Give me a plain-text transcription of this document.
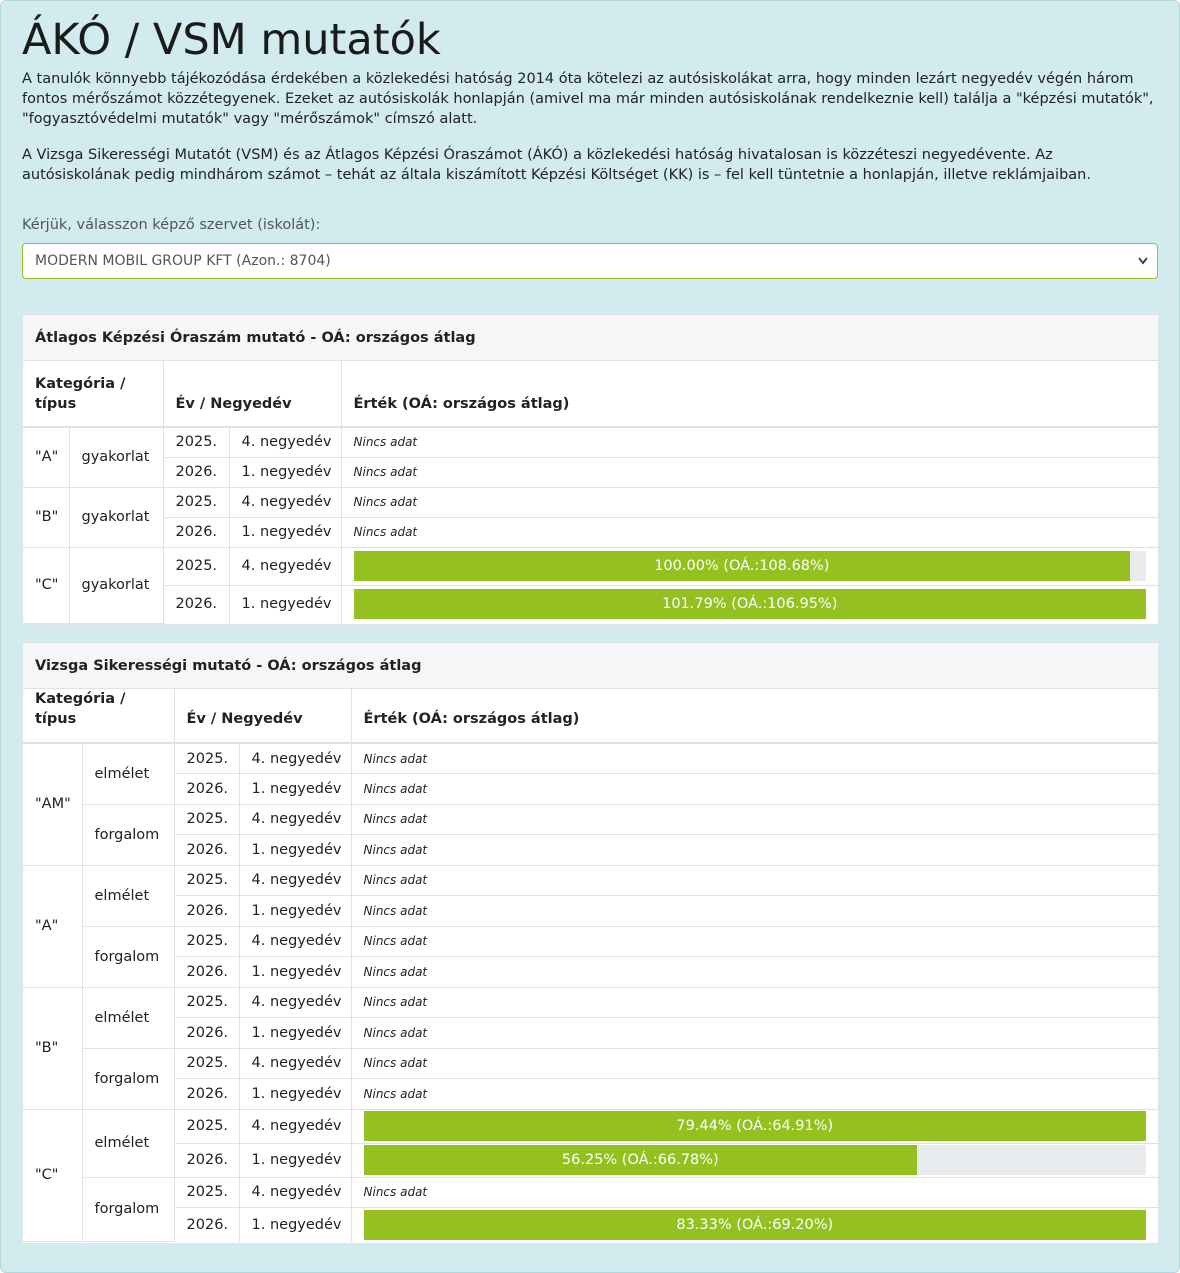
ÁKÓ / VSM mutatók

A tanulók könnyebb tájékozódása érdekében a közlekedési hatóság 2014 óta kötelezi az autósiskolákat arra, hogy minden lezárt negyedév végén három fontos mérőszámot közzétegyenek. Ezeket az autósiskolák honlapján (amivel ma már minden autósiskolának rendelkeznie kell) találja a "képzési mutatók", "fogyasztóvédelmi mutatók" vagy "mérőszámok" címszó alatt.

A Vizsga Sikerességi Mutatót (VSM) és az Átlagos Képzési Óraszámot (ÁKÓ) a közlekedési hatóság hivatalosan is közzéteszi negyedévente. Az autósiskolának pedig mindhárom számot – tehát az általa kiszámított Képzési Költséget (KK) is – fel kell tüntetnie a honlapján, illetve reklámjaiban.

Kérjük, válasszon képző szervet (iskolát):
MODERN MOBIL GROUP KFT (Azon.: 8704)
Átlagos Képzési Óraszám mutató - OÁ: országos átlag
Kategória / típus		Év / Negyedév		Érték (OÁ: országos átlag)
"A"	gyakorlat	2025.	4. negyedév	Nincs adat
		2026.	1. negyedév	Nincs adat
"B"	gyakorlat	2025.	4. negyedév	Nincs adat
		2026.	1. negyedév	Nincs adat
"C"	gyakorlat	2025.	4. negyedév	100.00% (OÁ.:108.68%)

		2026.	1. negyedév	101.79% (OÁ.:106.95%)
Vizsga Sikerességi mutató - OÁ: országos átlag
Kategória / típus		Év / Negyedév		Érték (OÁ: országos átlag)
"AM"	elmélet	2025.	4. negyedév	Nincs adat
		2026.	1. negyedév	Nincs adat
	forgalom	2025.	4. negyedév	Nincs adat
		2026.	1. negyedév	Nincs adat
"A"	elmélet	2025.	4. negyedév	Nincs adat
		2026.	1. negyedév	Nincs adat
	forgalom	2025.	4. negyedév	Nincs adat
		2026.	1. negyedév	Nincs adat
"B"	elmélet	2025.	4. negyedév	Nincs adat
		2026.	1. negyedév	Nincs adat
	forgalom	2025.	4. negyedév	Nincs adat
		2026.	1. negyedév	Nincs adat
"C"	elmélet	2025.	4. negyedév	79.44% (OÁ.:64.91%)

		2026.	1. negyedév	56.25% (OÁ.:66.78%)

	forgalom	2025.	4. negyedév	Nincs adat
		2026.	1. negyedév	83.33% (OÁ.:69.20%)
